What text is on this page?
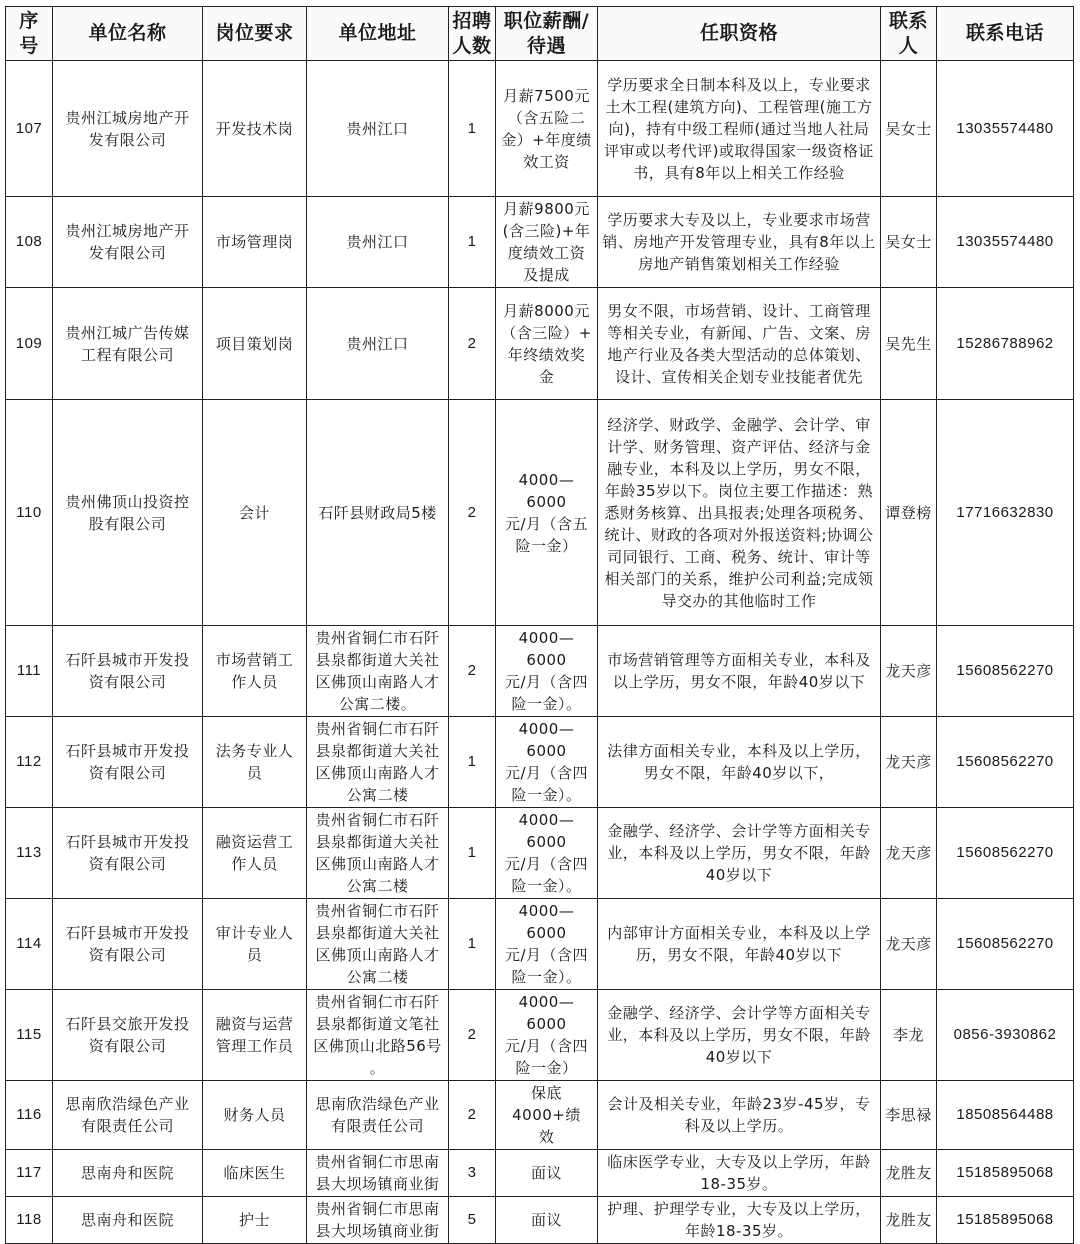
序
号	单位名称	岗位要求	单位地址	招聘
人数	职位薪酬/
待遇	任职资格	联系
人	联系电话

107	贵州江城房地产开
发有限公司	开发技术岗	贵州江口	1	月薪7500元
（含五险二
金）+年度绩
效工资	学历要求全日制本科及以上，专业要求土木工程(建筑方向)、工程管理(施工方向)，持有中级工程师(通过当地人社局评审或以考代评)或取得国家一级资格证书，具有8年以上相关工作经验	吴女士	13035574480

108	贵州江城房地产开
发有限公司	市场管理岗	贵州江口	1	月薪9800元
(含三险)+年
度绩效工资
及提成	学历要求大专及以上，专业要求市场营销、房地产开发管理专业，具有8年以上房地产销售策划相关工作经验	吴女士	13035574480

109	贵州江城广告传媒
工程有限公司	项目策划岗	贵州江口	2	月薪8000元
（含三险）+
年终绩效奖
金	男女不限，市场营销、设计、工商管理等相关专业，有新闻、广告、文案、房地产行业及各类大型活动的总体策划、设计、宣传相关企划专业技能者优先	吴先生	15286788962

110	贵州佛顶山投资控
股有限公司	会计	石阡县财政局5楼	2	4000—6000
元/月（含五
险一金）	经济学、财政学、金融学、会计学、审计学、财务管理、资产评估、经济与金融专业，本科及以上学历，男女不限，年龄35岁以下。岗位主要工作描述：熟悉财务核算、出具报表;处理各项税务、统计、财政的各项对外报送资料;协调公司同银行、工商、税务、统计、审计等相关部门的关系，维护公司利益;完成领导交办的其他临时工作	谭登榜	17716632830

111	石阡县城市开发投
资有限公司	市场营销工
作人员	贵州省铜仁市石阡
县泉都街道大关社
区佛顶山南路人才
公寓二楼。	2	4000—6000
元/月（含四
险一金）。	市场营销管理等方面相关专业，本科及以上学历，男女不限，年龄40岁以下	龙天彦	15608562270

112	石阡县城市开发投
资有限公司	法务专业人
员	贵州省铜仁市石阡
县泉都街道大关社
区佛顶山南路人才
公寓二楼	1	4000—6000
元/月（含四
险一金）。	法律方面相关专业，本科及以上学历，男女不限，年龄40岁以下，	龙天彦	15608562270

113	石阡县城市开发投
资有限公司	融资运营工
作人员	贵州省铜仁市石阡
县泉都街道大关社
区佛顶山南路人才
公寓二楼	1	4000—6000
元/月（含四
险一金）。	金融学、经济学、会计学等方面相关专业，本科及以上学历，男女不限，年龄40岁以下	龙天彦	15608562270

114	石阡县城市开发投
资有限公司	审计专业人
员	贵州省铜仁市石阡
县泉都街道大关社
区佛顶山南路人才
公寓二楼	1	4000—6000
元/月（含四
险一金）。	内部审计方面相关专业，本科及以上学历，男女不限，年龄40岁以下	龙天彦	15608562270

115	石阡县交旅开发投
资有限公司	融资与运营
管理工作员	贵州省铜仁市石阡
县泉都街道文笔社
区佛顶山北路56号
。	2	4000—6000
元/月（含四
险一金）	金融学、经济学、会计学等方面相关专业，本科及以上学历，男女不限，年龄40岁以下	李龙	0856-3930862

116	思南欣浩绿色产业
有限责任公司	财务人员	思南欣浩绿色产业
有限责任公司	2	保底4000+绩
效	会计及相关专业，年龄23岁-45岁，专科及以上学历。	李思禄	18508564488

117	思南舟和医院	临床医生	贵州省铜仁市思南
县大坝场镇商业街	3	面议	临床医学专业，大专及以上学历，年龄18-35岁。	龙胜友	15185895068

118	思南舟和医院	护士	贵州省铜仁市思南
县大坝场镇商业街	5	面议	护理、护理学专业，大专及以上学历，年龄18-35岁。	龙胜友	15185895068
